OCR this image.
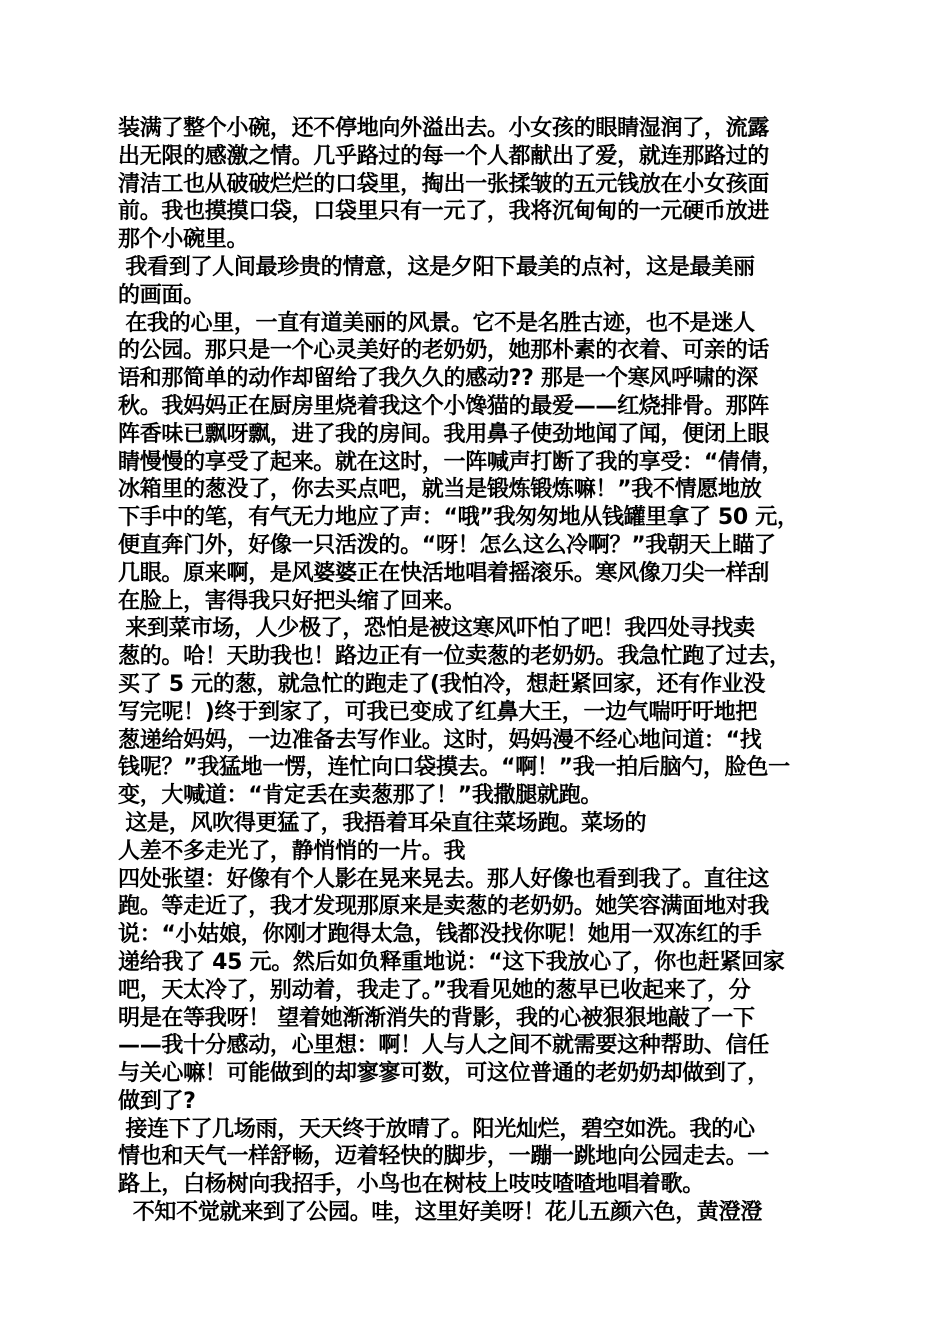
装满了整个小碗，还不停地向外溢出去。小女孩的眼睛湿润了，流露
出无限的感激之情。几乎路过的每一个人都献出了爱，就连那路过的
清洁工也从破破烂烂的口袋里，掏出一张揉皱的五元钱放在小女孩面
前。我也摸摸口袋，口袋里只有一元了，我将沉甸甸的一元硬币放进
那个小碗里。
我看到了人间最珍贵的情意，这是夕阳下最美的点衬，这是最美丽
的画面。
在我的心里，一直有道美丽的风景。它不是名胜古迹，也不是迷人
的公园。那只是一个心灵美好的老奶奶，她那朴素的衣着、可亲的话
语和那简单的动作却留给了我久久的感动?? 那是一个寒风呼啸的深
秋。我妈妈正在厨房里烧着我这个小馋猫的最爱——红烧排骨。那阵
阵香味已飘呀飘，进了我的房间。我用鼻子使劲地闻了闻，便闭上眼
睛慢慢的享受了起来。就在这时，一阵喊声打断了我的享受：“倩倩，
冰箱里的葱没了，你去买点吧，就当是锻炼锻炼嘛！”我不情愿地放
下手中的笔，有气无力地应了声：“哦”我匆匆地从钱罐里拿了 50 元，
便直奔门外，好像一只活泼的。“呀！怎么这么冷啊？”我朝天上瞄了
几眼。原来啊，是风婆婆正在快活地唱着摇滚乐。寒风像刀尖一样刮
在脸上，害得我只好把头缩了回来。
来到菜市场，人少极了，恐怕是被这寒风吓怕了吧！我四处寻找卖
葱的。哈！天助我也！路边正有一位卖葱的老奶奶。我急忙跑了过去，
买了 5 元的葱，就急忙的跑走了(我怕冷，想赶紧回家，还有作业没
写完呢！)终于到家了，可我已变成了红鼻大王，一边气喘吁吁地把
葱递给妈妈，一边准备去写作业。这时，妈妈漫不经心地问道：“找
钱呢？”我猛地一愣，连忙向口袋摸去。“啊！”我一拍后脑勺，脸色一
变，大喊道：“肯定丢在卖葱那了！”我撒腿就跑。
这是，风吹得更猛了，我捂着耳朵直往菜场跑。菜场的
人差不多走光了，静悄悄的一片。我
四处张望：好像有个人影在晃来晃去。那人好像也看到我了。直往这
跑。等走近了，我才发现那原来是卖葱的老奶奶。她笑容满面地对我
说：“小姑娘，你刚才跑得太急，钱都没找你呢！她用一双冻红的手
递给我了 45 元。然后如负释重地说：“这下我放心了，你也赶紧回家
吧，天太冷了，别动着，我走了。”我看见她的葱早已收起来了，分
明是在等我呀！ 望着她渐渐消失的背影，我的心被狠狠地敲了一下
——我十分感动，心里想：啊！人与人之间不就需要这种帮助、信任
与关心嘛！可能做到的却寥寥可数，可这位普通的老奶奶却做到了，
做到了?
接连下了几场雨，天天终于放晴了。阳光灿烂，碧空如洗。我的心
情也和天气一样舒畅，迈着轻快的脚步，一蹦一跳地向公园走去。一
路上，白杨树向我招手，小鸟也在树枝上吱吱喳喳地唱着歌。
不知不觉就来到了公园。哇，这里好美呀！花儿五颜六色，黄澄澄
